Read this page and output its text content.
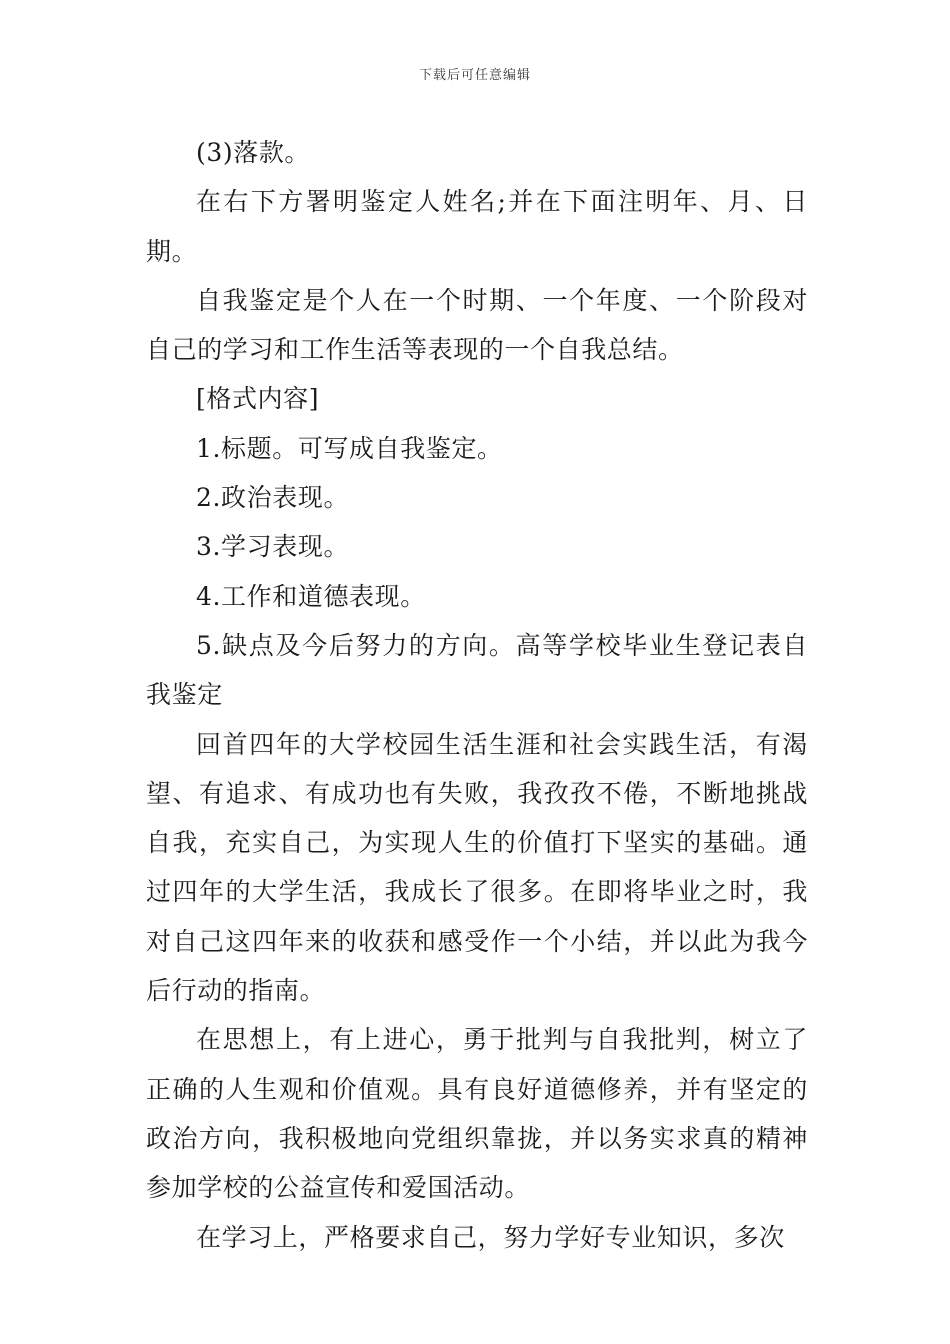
下载后可任意编辑

(3)落款。

在右下方署明鉴定人姓名;并在下面注明年、月、日期。

自我鉴定是个人在一个时期、一个年度、一个阶段对自己的学习和工作生活等表现的一个自我总结。

[格式内容]

1.标题。可写成自我鉴定。

2.政治表现。

3.学习表现。

4.工作和道德表现。

5.缺点及今后努力的方向。高等学校毕业生登记表自我鉴定

回首四年的大学校园生活生涯和社会实践生活，有渴望、有追求、有成功也有失败，我孜孜不倦，不断地挑战自我，充实自己，为实现人生的价值打下坚实的基础。通过四年的大学生活，我成长了很多。在即将毕业之时，我对自己这四年来的收获和感受作一个小结，并以此为我今后行动的指南。

在思想上，有上进心，勇于批判与自我批判，树立了正确的人生观和价值观。具有良好道德修养，并有坚定的政治方向，我积极地向党组织靠拢，并以务实求真的精神参加学校的公益宣传和爱国活动。

在学习上，严格要求自己，努力学好专业知识，多次
